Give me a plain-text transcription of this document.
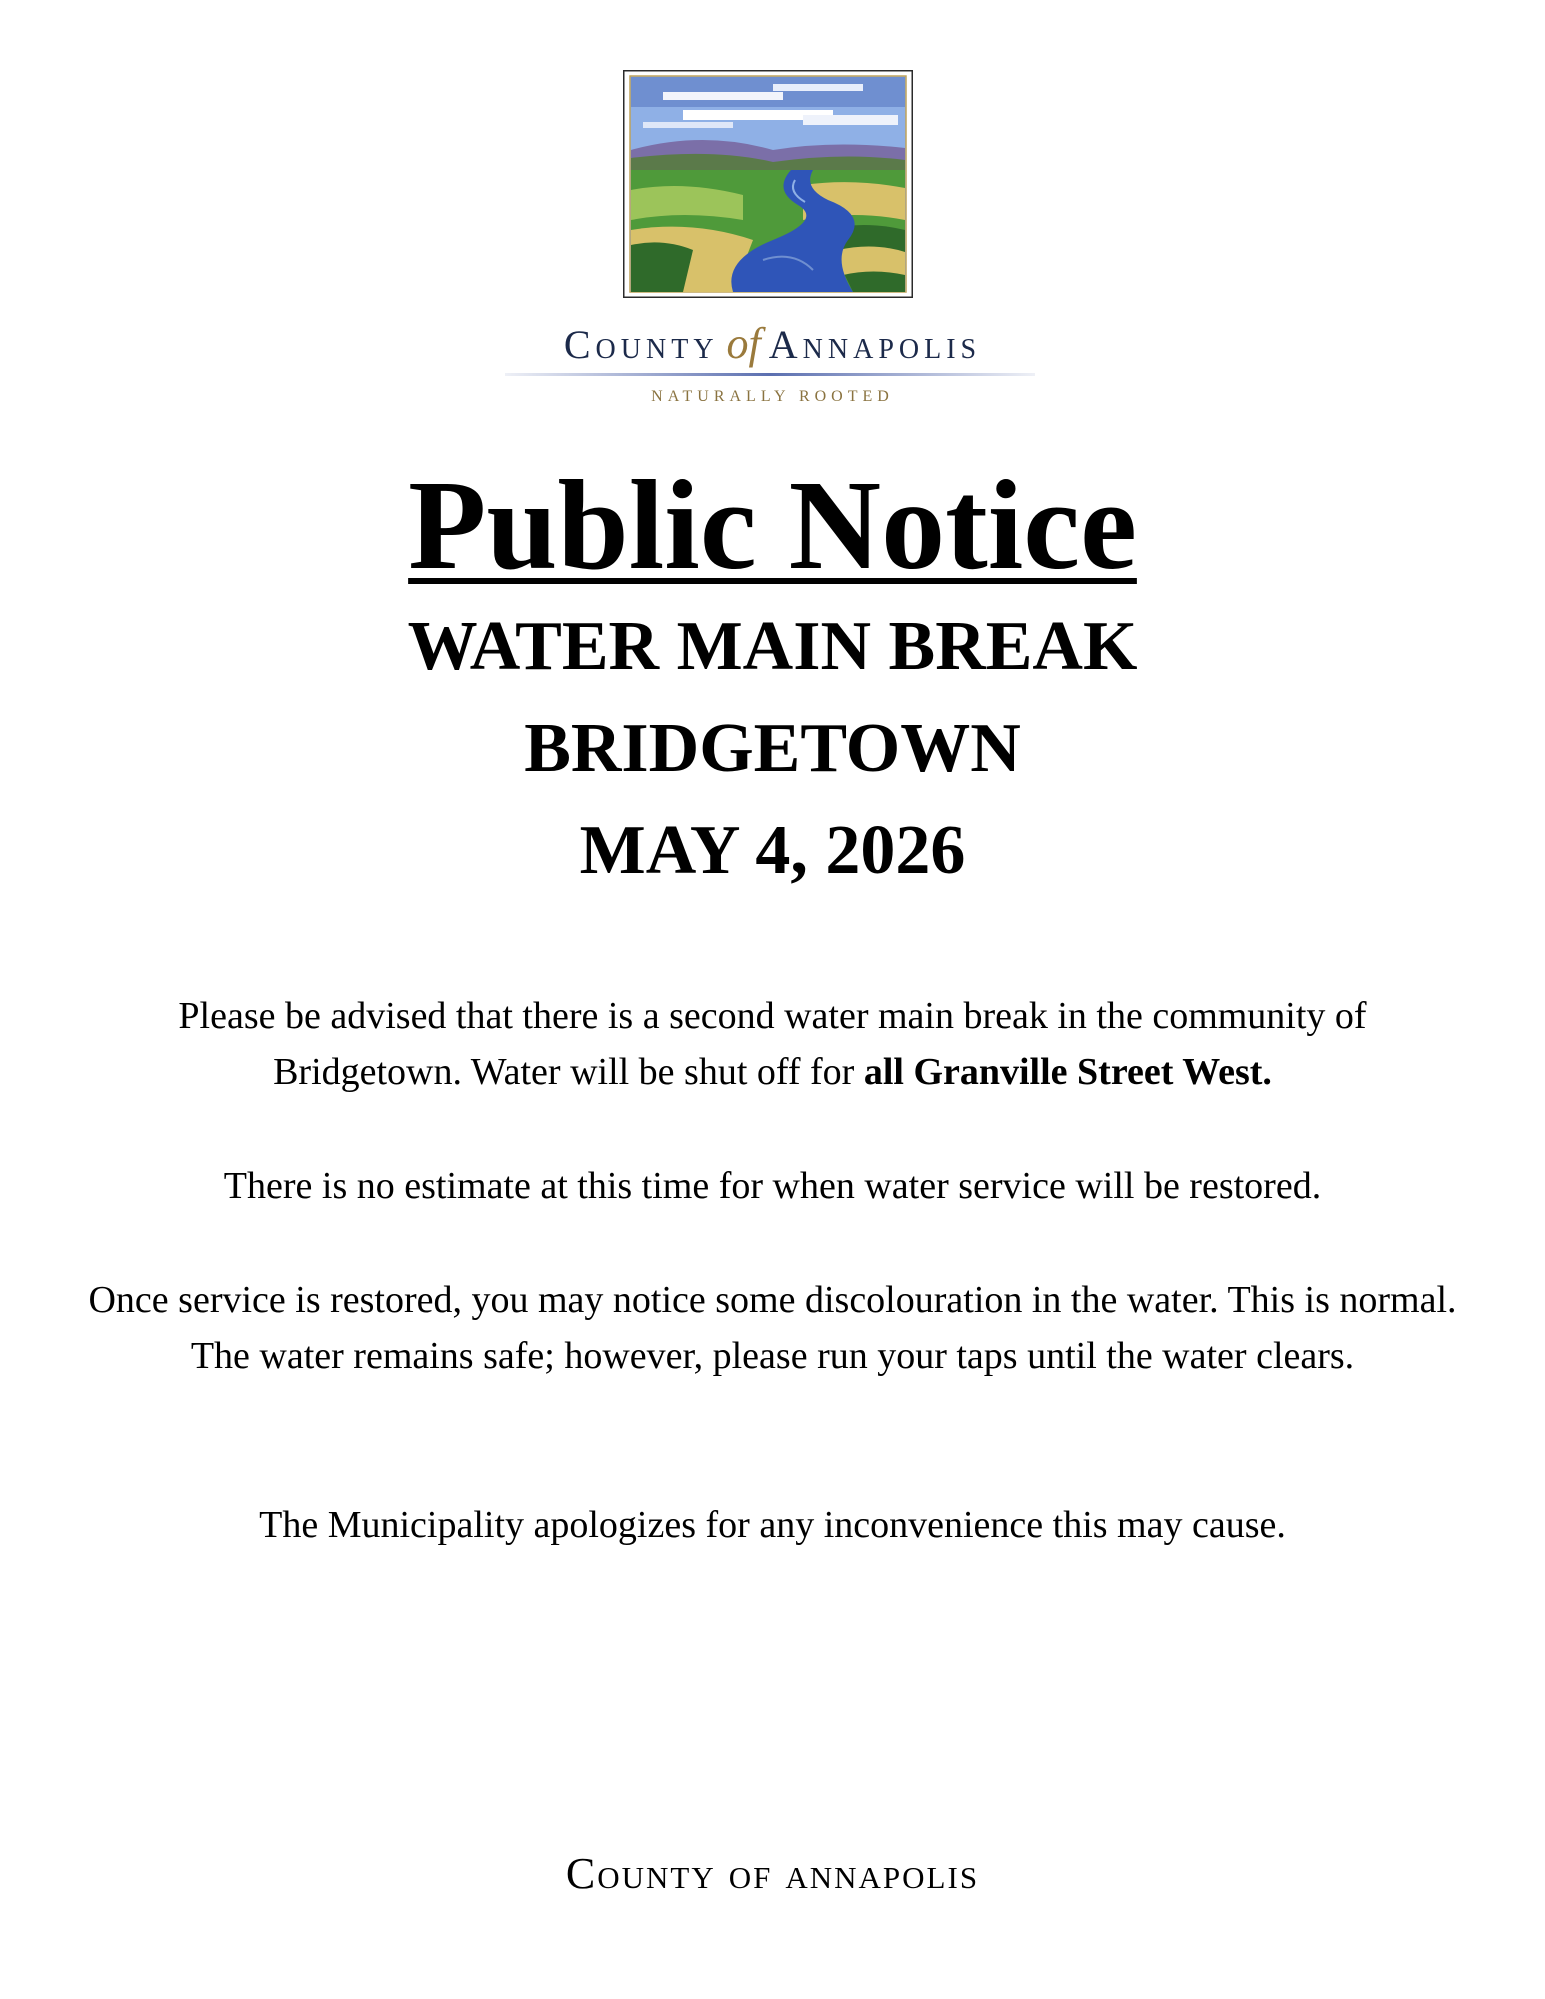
County of Annapolis
NATURALLY ROOTED
Public Notice
WATER MAIN BREAK
BRIDGETOWN
MAY 4, 2026
Please be advised that there is a second water main break in the community of Bridgetown. Water will be shut off for all Granville Street West.
There is no estimate at this time for when water service will be restored.
Once service is restored, you may notice some discolouration in the water. This is normal. The water remains safe; however, please run your taps until the water clears.
The Municipality apologizes for any inconvenience this may cause.
County of annapolis
